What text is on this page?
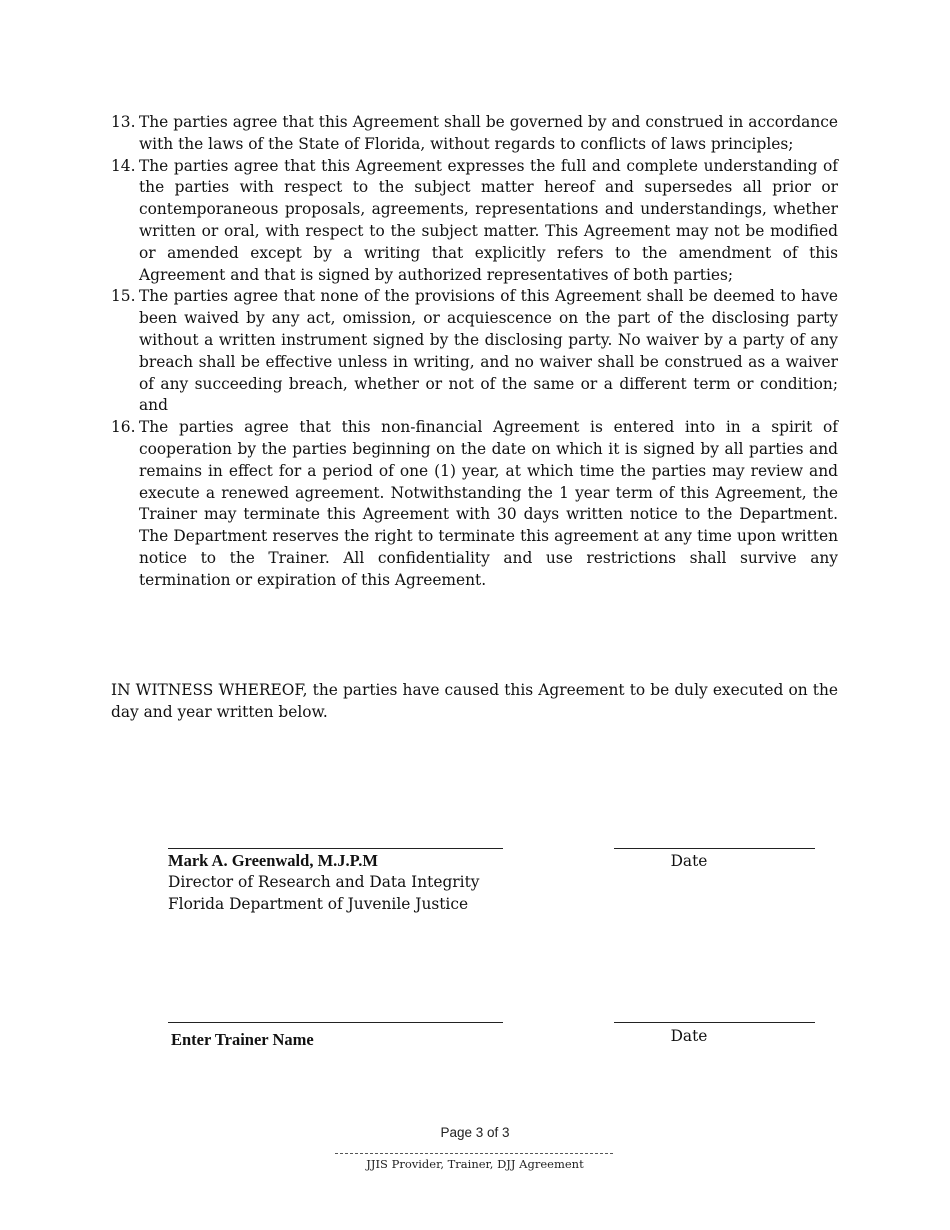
13. The parties agree that this Agreement shall be governed by and construed in accordance with the laws of the State of Florida, without regards to conflicts of laws principles;
14. The parties agree that this Agreement expresses the full and complete understanding of the parties with respect to the subject matter hereof and supersedes all prior or contemporaneous proposals, agreements, representations and understandings, whether written or oral, with respect to the subject matter. This Agreement may not be modified or amended except by a writing that explicitly refers to the amendment of this Agreement and that is signed by authorized representatives of both parties;
15. The parties agree that none of the provisions of this Agreement shall be deemed to have been waived by any act, omission, or acquiescence on the part of the disclosing party without a written instrument signed by the disclosing party. No waiver by a party of any breach shall be effective unless in writing, and no waiver shall be construed as a waiver of any succeeding breach, whether or not of the same or a different term or condition; and
16. The parties agree that this non-financial Agreement is entered into in a spirit of cooperation by the parties beginning on the date on which it is signed by all parties and remains in effect for a period of one (1) year, at which time the parties may review and execute a renewed agreement. Notwithstanding the 1 year term of this Agreement, the Trainer may terminate this Agreement with 30 days written notice to the Department. The Department reserves the right to terminate this agreement at any time upon written notice to the Trainer. All confidentiality and use restrictions shall survive any termination or expiration of this Agreement.

IN WITNESS WHEREOF, the parties have caused this Agreement to be duly executed on the day and year written below.

Mark A. Greenwald, M.J.P.M
Director of Research and Data Integrity
Florida Department of Juvenile Justice
Date
Enter Trainer Name	Date
Page 3 of 3
JJIS Provider, Trainer, DJJ Agreement
